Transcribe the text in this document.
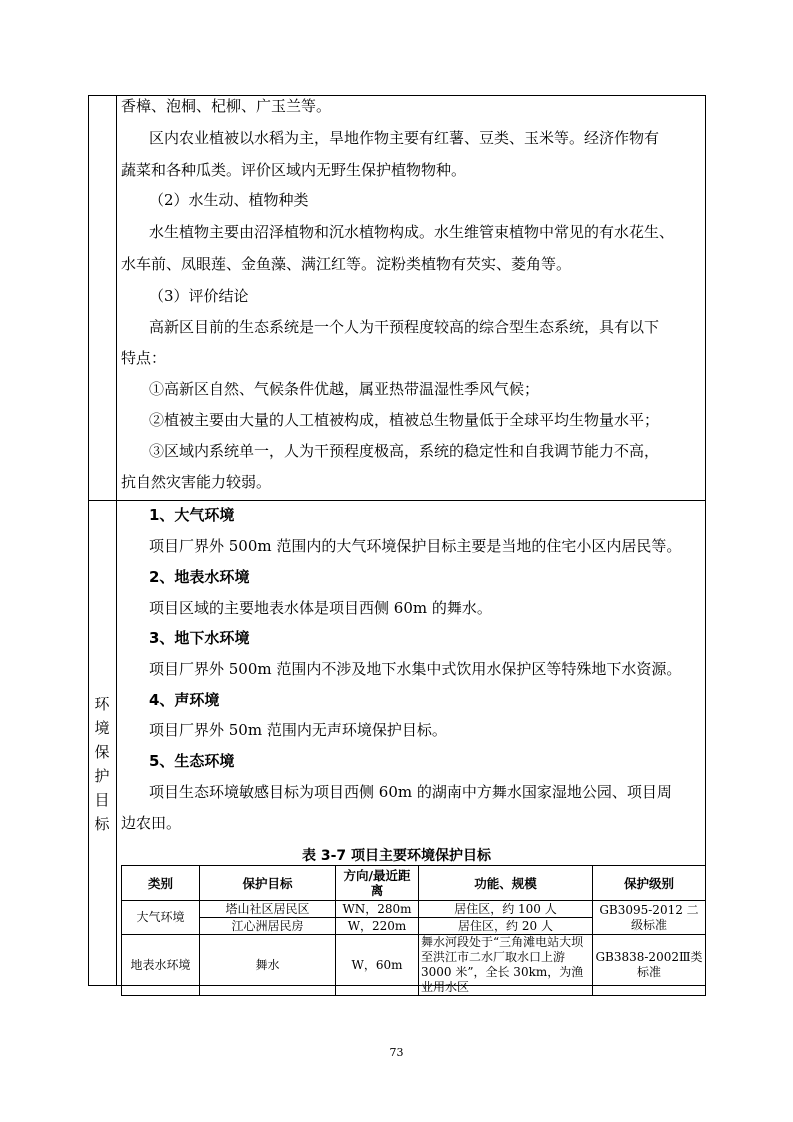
香樟、泡桐、杞柳、广玉兰等。
区内农业植被以水稻为主，旱地作物主要有红薯、豆类、玉米等。经济作物有
蔬菜和各种瓜类。评价区域内无野生保护植物物种。
（2）水生动、植物种类
水生植物主要由沼泽植物和沉水植物构成。水生维管束植物中常见的有水花生、
水车前、凤眼莲、金鱼藻、满江红等。淀粉类植物有芡实、菱角等。
（3）评价结论
高新区目前的生态系统是一个人为干预程度较高的综合型生态系统，具有以下
特点：
①高新区自然、气候条件优越，属亚热带温湿性季风气候；
②植被主要由大量的人工植被构成，植被总生物量低于全球平均生物量水平；
③区域内系统单一，人为干预程度极高，系统的稳定性和自我调节能力不高，
抗自然灾害能力较弱。
环
境
保
护
目
标
1、大气环境
项目厂界外 500m 范围内的大气环境保护目标主要是当地的住宅小区内居民等。
2、地表水环境
项目区域的主要地表水体是项目西侧 60m 的舞水。
3、地下水环境
项目厂界外 500m 范围内不涉及地下水集中式饮用水保护区等特殊地下水资源。
4、声环境
项目厂界外 50m 范围内无声环境保护目标。
5、生态环境
项目生态环境敏感目标为项目西侧 60m 的湖南中方舞水国家湿地公园、项目周
边农田。
表 3-7 项目主要环境保护目标
类别	保护目标	方向/最近距离	功能、规模	保护级别
大气环境	塔山社区居民区	WN，280m	居住区，约 100 人	GB3095-2012 二级标准
	江心洲居民房	W，220m	居住区，约 20 人	
地表水环境	舞水	W，60m	舞水河段处于“三角滩电站大坝至洪江市二水厂取水口上游 3000 米”，全长 30km，为渔业用水区	GB3838-2002Ⅲ类标准
73
